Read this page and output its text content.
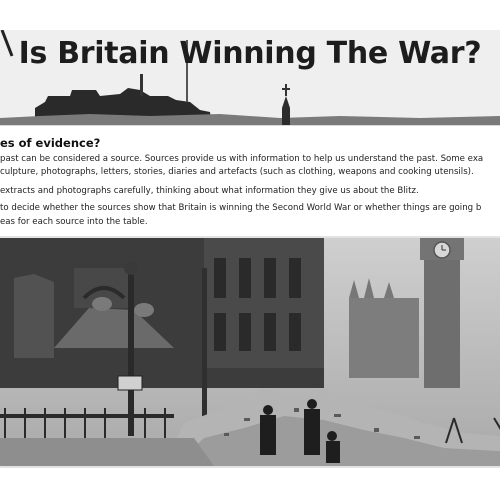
Is Britain Winning The War?
es of evidence?
past can be considered a source. Sources provide us with information to help us understand the past. Some exa
culpture, photographs, letters, stories, diaries and artefacts (such as clothing, weapons and cooking utensils).
extracts and photographs carefully, thinking about what information they give us about the Blitz.
to decide whether the sources show that Britain is winning the Second World War or whether things are going b
eas for each source into the table.
